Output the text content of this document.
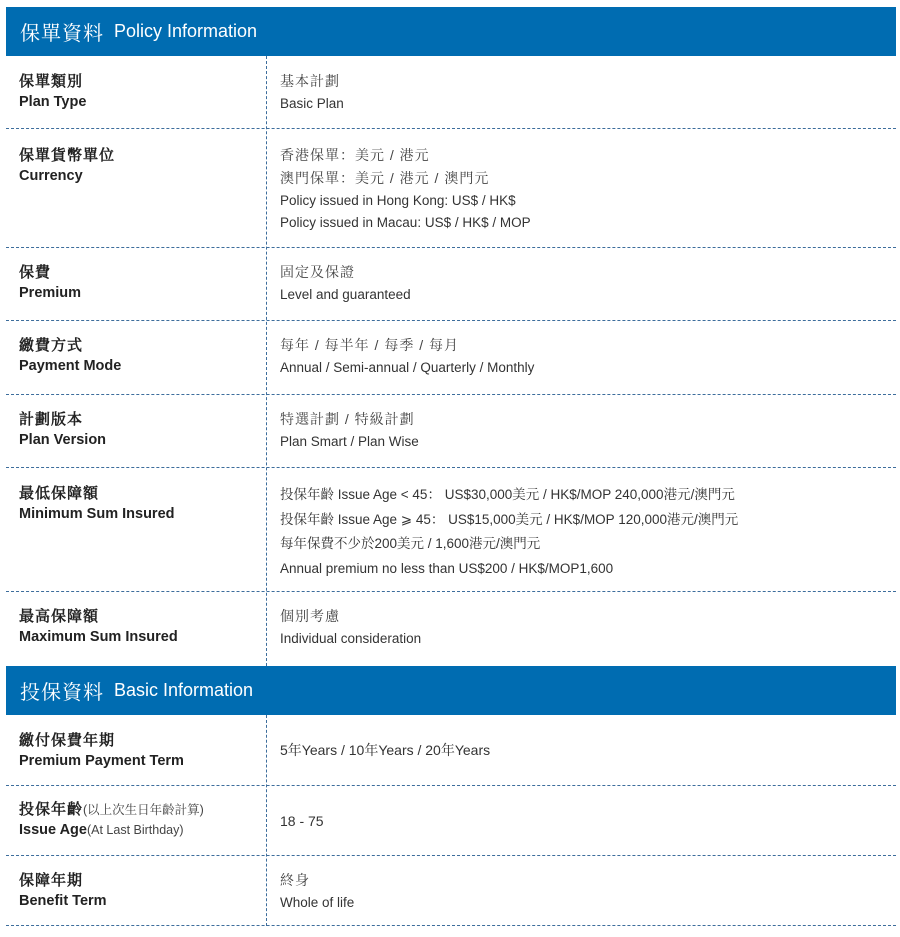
保單資料 Policy Information
保單類別
Plan Type
基本計劃
Basic Plan
保單貨幣單位
Currency
香港保單：美元 / 港元
澳門保單：美元 / 港元 / 澳門元
Policy issued in Hong Kong: US$ / HK$
Policy issued in Macau: US$ / HK$ / MOP
保費
Premium
固定及保證
Level and guaranteed
繳費方式
Payment Mode
每年 / 每半年 / 每季 / 每月
Annual / Semi-annual / Quarterly / Monthly
計劃版本
Plan Version
特選計劃 / 特級計劃
Plan Smart / Plan Wise
最低保障額
Minimum Sum Insured
投保年齡 Issue Age < 45： US$30,000美元 / HK$/MOP 240,000港元/澳門元
投保年齡 Issue Age ⩾ 45： US$15,000美元 / HK$/MOP 120,000港元/澳門元
每年保費不少於200美元 / 1,600港元/澳門元
Annual premium no less than US$200 / HK$/MOP1,600
最高保障額
Maximum Sum Insured
個別考慮
Individual consideration
投保資料 Basic Information
繳付保費年期
Premium Payment Term
5年Years / 10年Years / 20年Years
投保年齡(以上次生日年齡計算)
Issue Age(At Last Birthday)
18 - 75
保障年期
Benefit Term
終身
Whole of life
